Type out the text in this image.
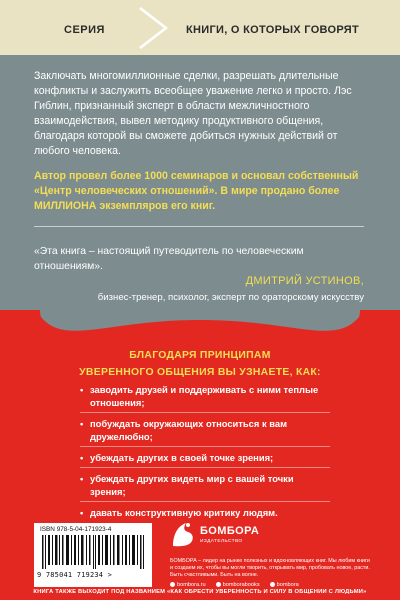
СЕРИЯ	КНИГИ, О КОТОРЫХ ГОВОРЯТ

Заключать многомиллионные сделки, разрешать длительные конфликты и заслужить всеобщее уважение легко и просто. Лэс Гиблин, признанный эксперт в области межличностного взаимодействия, вывел методику продуктивного общения, благодаря которой вы сможете добиться нужных действий от любого человека.

Автор провел более 1000 семинаров и основал собственный «Центр человеческих отношений». В мире продано более МИЛЛИОНА экземпляров его книг.

«Эта книга – настоящий путеводитель по человеческим отношениям».

ДМИТРИЙ УСТИНОВ,
бизнес-тренер, психолог, эксперт по ораторскому искусству
БЛАГОДАРЯ ПРИНЦИПАМ
УВЕРЕННОГО ОБЩЕНИЯ ВЫ УЗНАЕТЕ, КАК:
• заводить друзей и поддерживать с ними теплые отношения;
• побуждать окружающих относиться к вам дружелюбно;
• убеждать других в своей точке зрения;
• убеждать других видеть мир с вашей точки зрения;
• давать конструктивную критику людям.
ISBN 978-5-04-171923-4
9 785041 719234 >
БОМБОРА
ИЗДАТЕЛЬСТВО

БОМБОРА – лидер на рынке полезных и вдохновляющих книг. Мы любим книги и создаем их, чтобы вы могли творить, открывать мир, пробовать новое, расти. Быть счастливыми. Быть на волне.

bombora.ru	bomborabooks	bombora
КНИГА ТАКЖЕ ВЫХОДИТ ПОД НАЗВАНИЕМ «КАК ОБРЕСТИ УВЕРЕННОСТЬ И СИЛУ В ОБЩЕНИИ С ЛЮДЬМИ»
